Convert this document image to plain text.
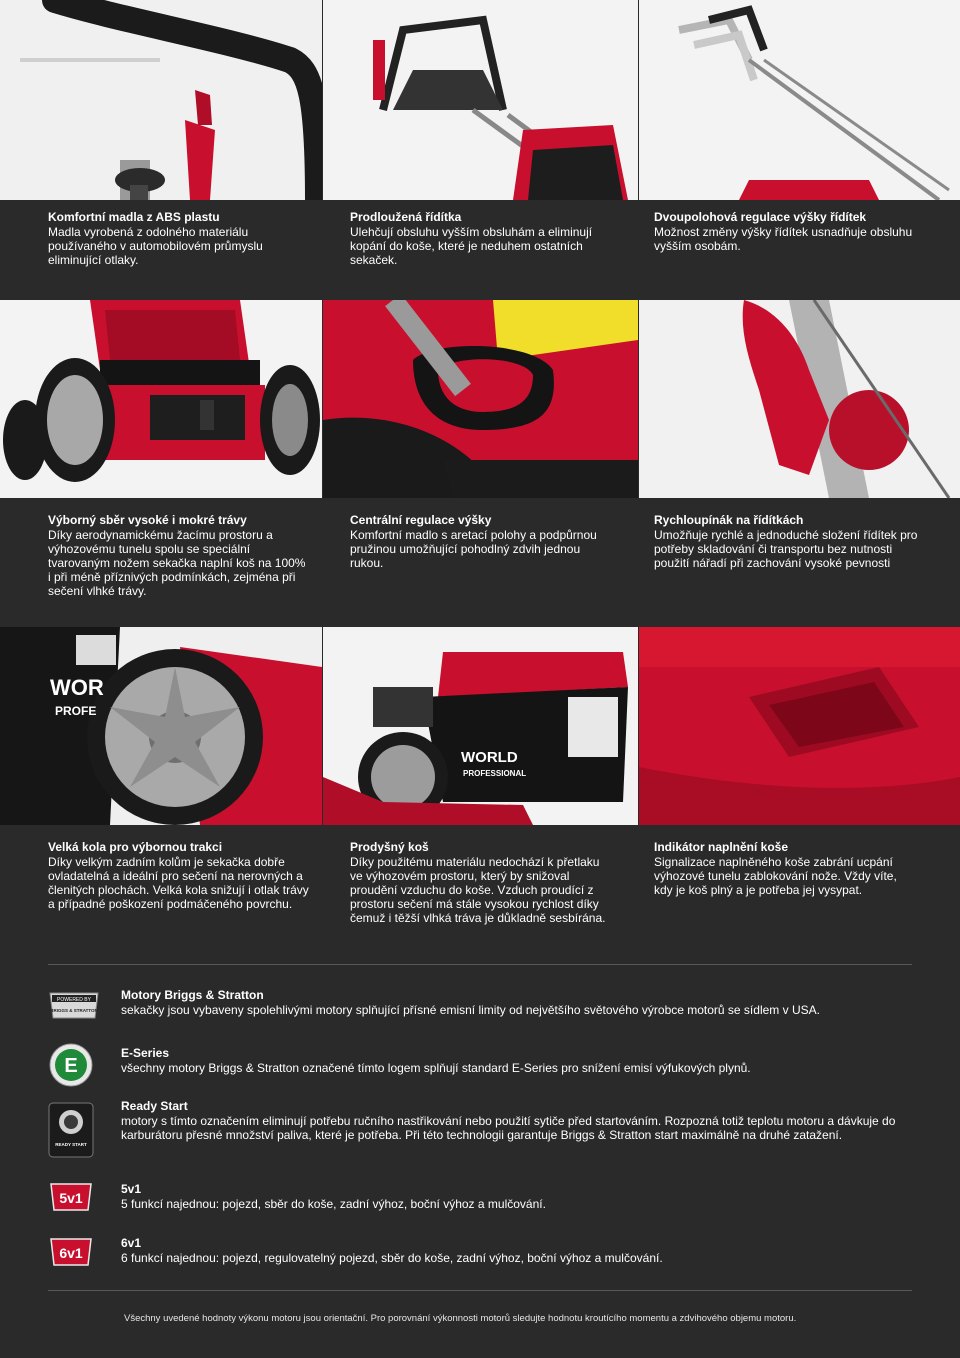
Komfortní madla z ABS plastu

Madla vyrobená z odolného materiálu používaného v automobilovém průmyslu eliminující otlaky.

Prodloužená řídítka

Ulehčují obsluhu vyšším obsluhám a eliminují kopání do koše, které je neduhem ostatních sekaček.

Dvoupolohová regulace výšky řídítek

Možnost změny výšky řídítek usnadňuje obsluhu vyšším osobám.

Výborný sběr vysoké i mokré trávy

Díky aerodynamickému žacímu prostoru a výhozovému tunelu spolu se speciální tvarovaným nožem sekačka naplní koš na 100% i při méně příznivých podmínkách, zejména při sečení vlhké trávy.

Centrální regulace výšky

Komfortní madlo s aretací polohy a podpůrnou pružinou umožňující pohodlný zdvih jednou rukou.

Rychloupínák na řídítkách

Umožňuje rychlé a jednoduché složení řídítek pro potřeby skladování či transportu bez nutnosti použití nářadí při zachování vysoké pevnosti

WOR
PROFE
WORLD
PROFESSIONAL
Velká kola pro výbornou trakci

Díky velkým zadním kolům je sekačka dobře ovladatelná a ideální pro sečení na nerovných a členitých plochách. Velká kola snižují i otlak trávy a případné poškození podmáčeného povrchu.

Prodyšný koš

Díky použitému materiálu nedochází k přetlaku ve výhozovém prostoru, který by snižoval proudění vzduchu do koše. Vzduch proudící z prostoru sečení má stále vysokou rychlost díky čemuž i těžší vlhká tráva je důkladně sesbírána.

Indikátor naplnění koše

Signalizace naplněného koše zabrání ucpání výhozové tunelu zablokování nože. Vždy víte, kdy je koš plný a je potřeba jej vysypat.

POWERED BY
BRIGGS & STRATTON
Motory Briggs & Stratton

sekačky jsou vybaveny spolehlivými motory splňující přísné emisní limity od největšího světového výrobce motorů se sídlem v USA.

E
E-Series

všechny motory Briggs & Stratton označené tímto logem splňují standard E-Series pro snížení emisí výfukových plynů.

READY START
Ready Start

motory s tímto označením eliminují potřebu ručního nastřikování nebo použití sytiče před startováním. Rozpozná totiž teplotu motoru a dávkuje do karburátoru přesné množství paliva, které je potřeba. Při této technologii garantuje Briggs & Stratton start maximálně na druhé zatažení.

5v1
5v1

5 funkcí najednou: pojezd, sběr do koše, zadní výhoz, boční výhoz a mulčování.

6v1
6v1

6 funkcí najednou: pojezd, regulovatelný pojezd, sběr do koše, zadní výhoz, boční výhoz a mulčování.

Všechny uvedené hodnoty výkonu motoru jsou orientační. Pro porovnání výkonnosti motorů sledujte hodnotu kroutícího momentu a zdvihového objemu motoru.
